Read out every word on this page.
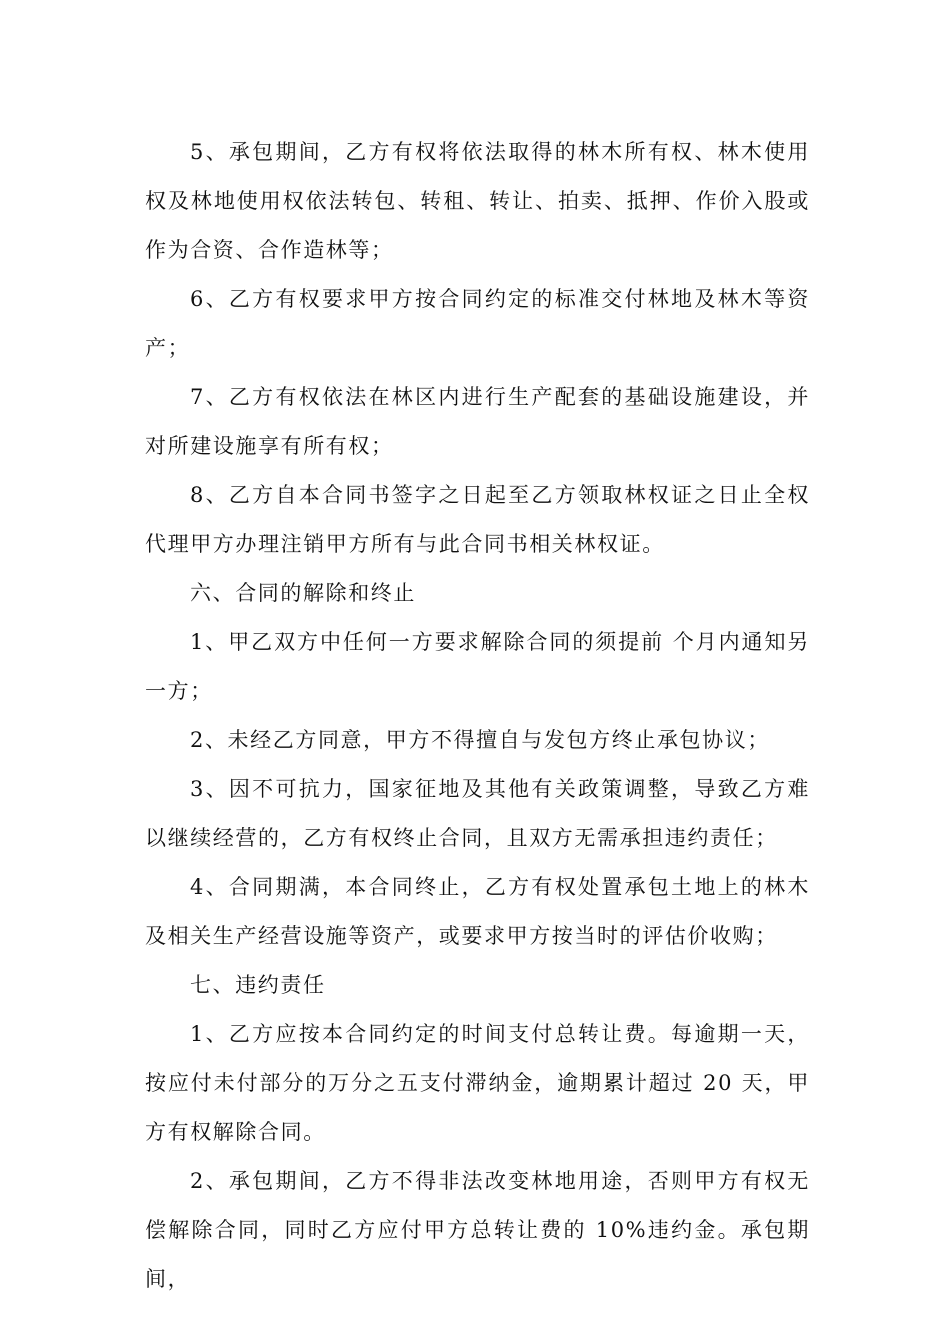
5、承包期间，乙方有权将依法取得的林木所有权、林木使用权及林地使用权依法转包、转租、转让、拍卖、抵押、作价入股或作为合资、合作造林等；

6、乙方有权要求甲方按合同约定的标准交付林地及林木等资产；

7、乙方有权依法在林区内进行生产配套的基础设施建设，并对所建设施享有所有权；

8、乙方自本合同书签字之日起至乙方领取林权证之日止全权代理甲方办理注销甲方所有与此合同书相关林权证。

六、合同的解除和终止

1、甲乙双方中任何一方要求解除合同的须提前 个月内通知另一方；

2、未经乙方同意，甲方不得擅自与发包方终止承包协议；

3、因不可抗力，国家征地及其他有关政策调整，导致乙方难以继续经营的，乙方有权终止合同，且双方无需承担违约责任；

4、合同期满，本合同终止，乙方有权处置承包土地上的林木及相关生产经营设施等资产，或要求甲方按当时的评估价收购；

七、违约责任

1、乙方应按本合同约定的时间支付总转让费。每逾期一天，按应付未付部分的万分之五支付滞纳金，逾期累计超过 20 天，甲方有权解除合同。

2、承包期间，乙方不得非法改变林地用途，否则甲方有权无偿解除合同，同时乙方应付甲方总转让费的 10%违约金。承包期间，
